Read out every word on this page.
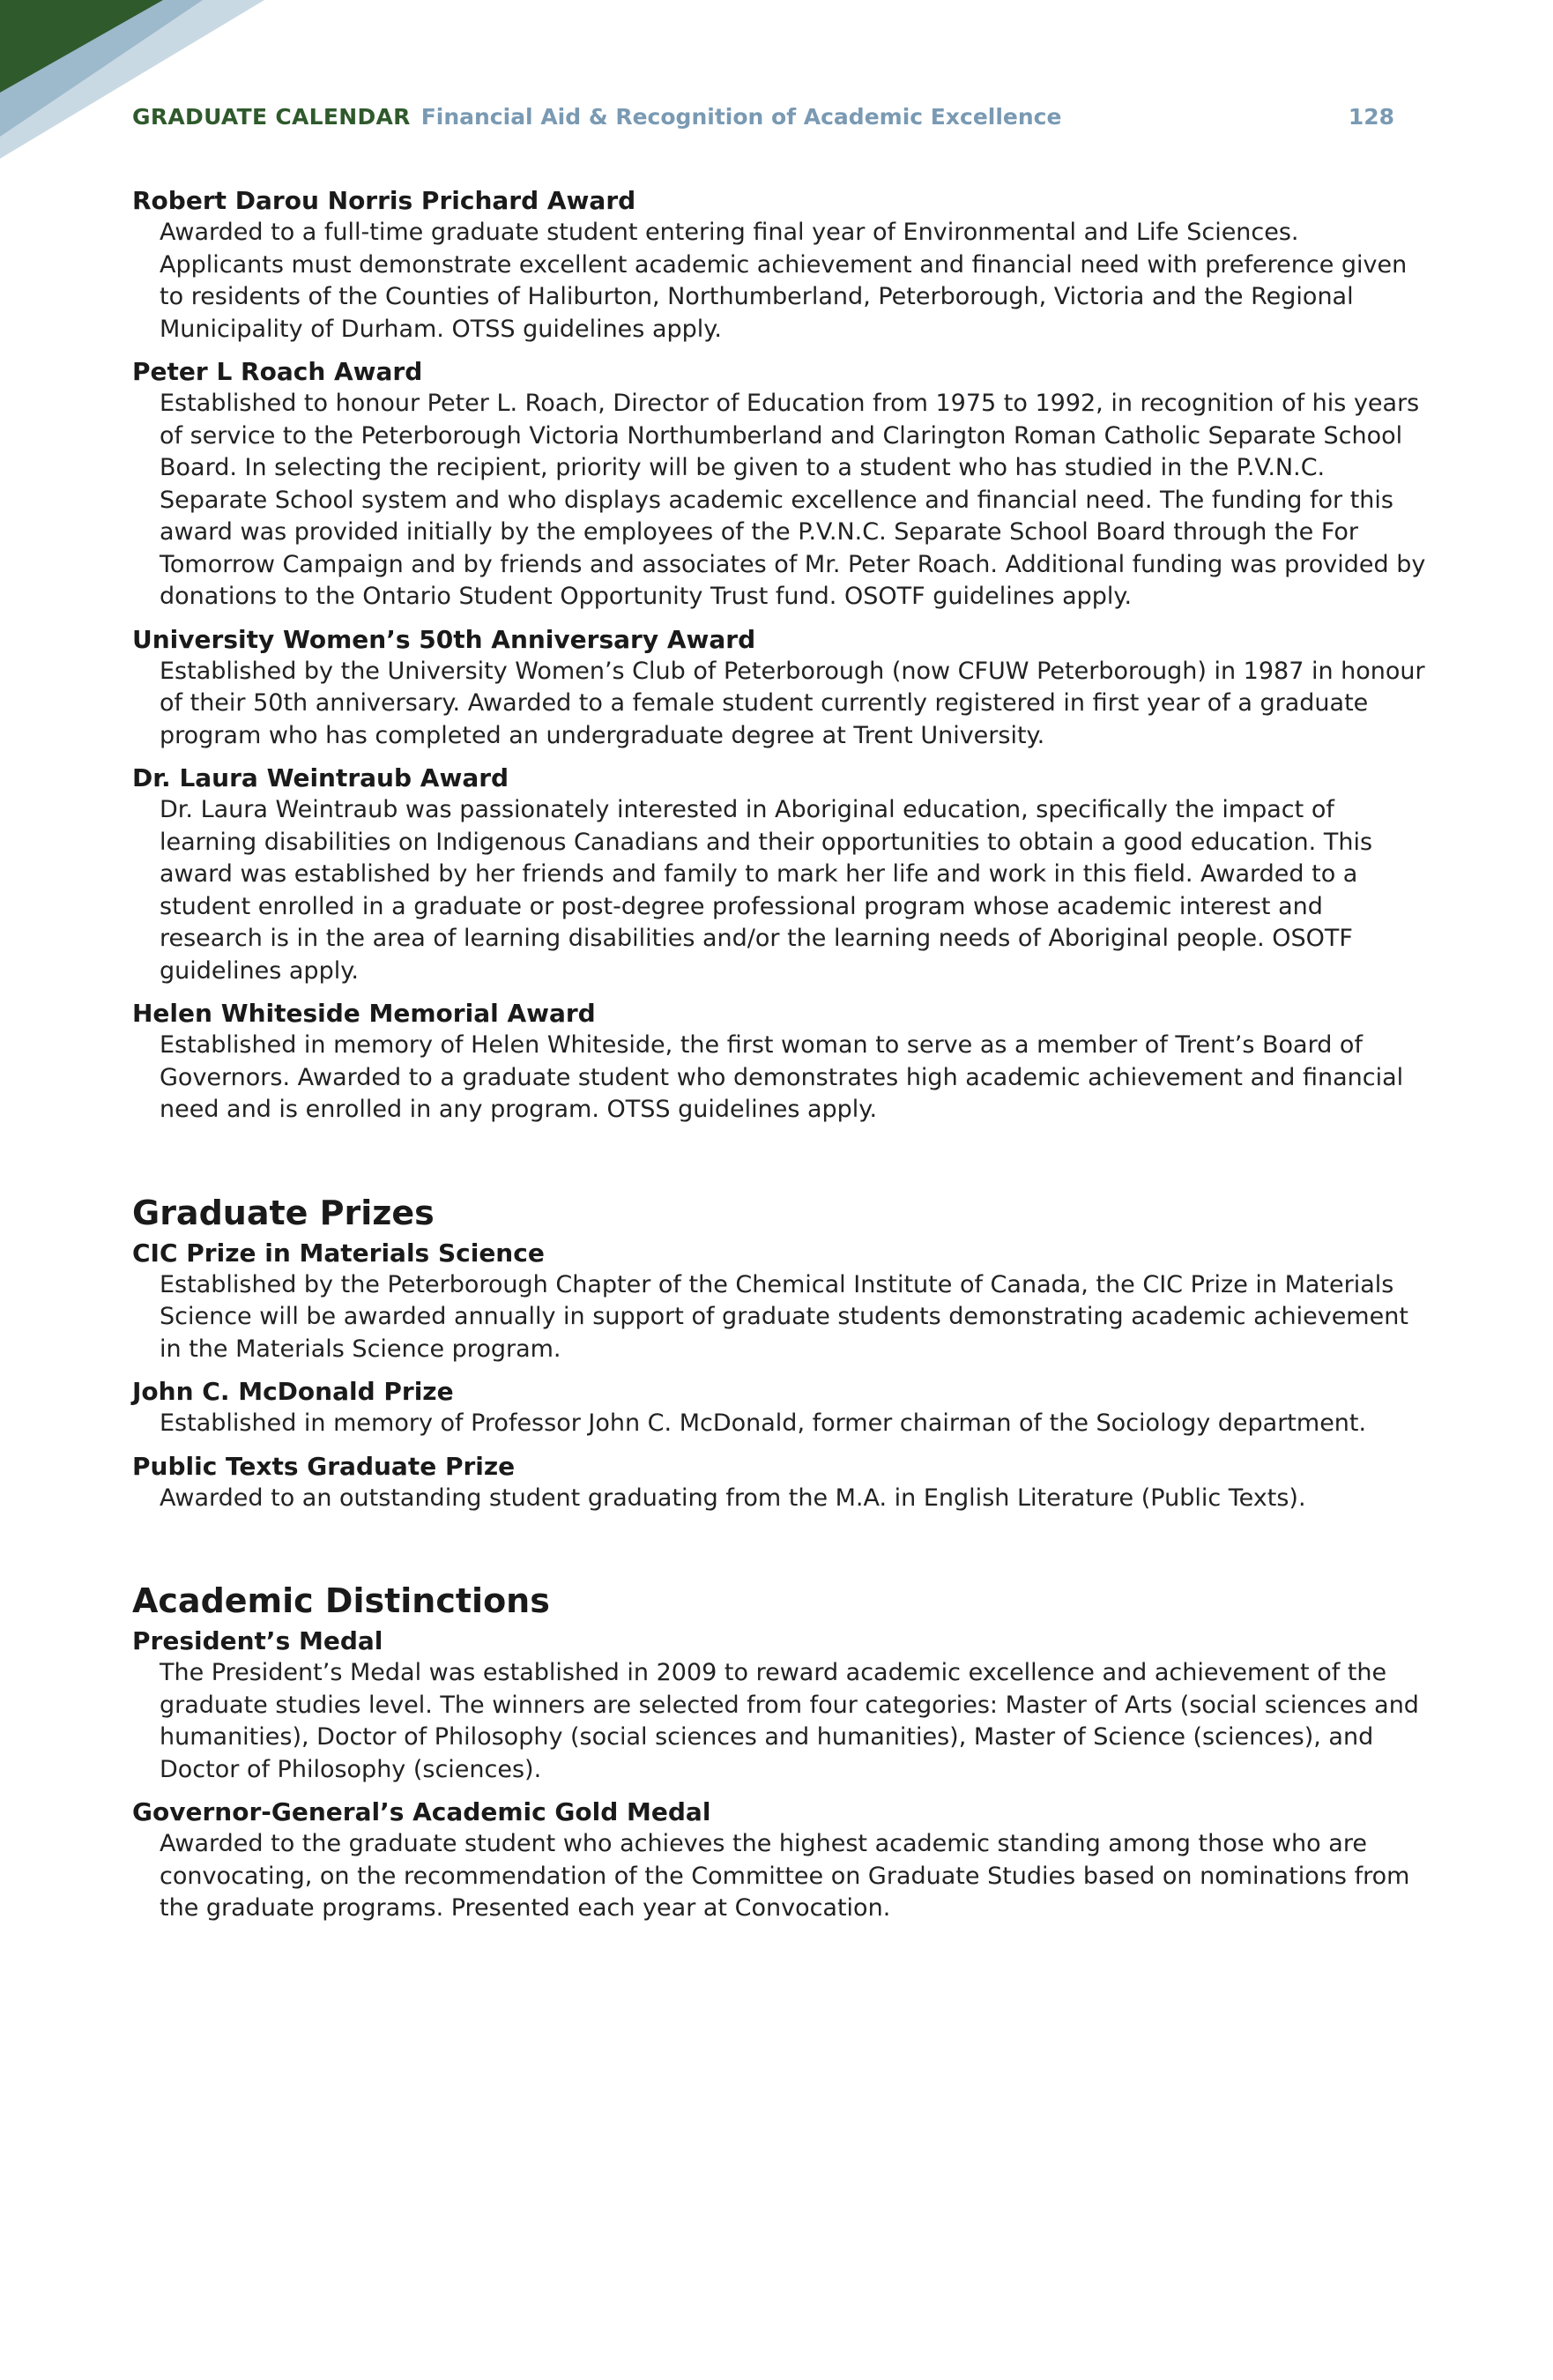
GRADUATE CALENDAR Financial Aid & Recognition of Academic Excellence	128
Robert Darou Norris Prichard Award
Awarded to a full-time graduate student entering final year of Environmental and Life Sciences. Applicants must demonstrate excellent academic achievement and financial need with preference given to residents of the Counties of Haliburton, Northumberland, Peterborough, Victoria and the Regional Municipality of Durham. OTSS guidelines apply.
Peter L Roach Award
Established to honour Peter L. Roach, Director of Education from 1975 to 1992, in recognition of his years of service to the Peterborough Victoria Northumberland and Clarington Roman Catholic Separate School Board. In selecting the recipient, priority will be given to a student who has studied in the P.V.N.C. Separate School system and who displays academic excellence and financial need. The funding for this award was provided initially by the employees of the P.V.N.C. Separate School Board through the For Tomorrow Campaign and by friends and associates of Mr. Peter Roach. Additional funding was provided by donations to the Ontario Student Opportunity Trust fund. OSOTF guidelines apply.
University Women’s 50th Anniversary Award
Established by the University Women’s Club of Peterborough (now CFUW Peterborough) in 1987 in honour of their 50th anniversary. Awarded to a female student currently registered in first year of a graduate program who has completed an undergraduate degree at Trent University.
Dr. Laura Weintraub Award
Dr. Laura Weintraub was passionately interested in Aboriginal education, specifically the impact of learning disabilities on Indigenous Canadians and their opportunities to obtain a good education. This award was established by her friends and family to mark her life and work in this field. Awarded to a student enrolled in a graduate or post-degree professional program whose academic interest and research is in the area of learning disabilities and/or the learning needs of Aboriginal people. OSOTF guidelines apply.
Helen Whiteside Memorial Award
Established in memory of Helen Whiteside, the first woman to serve as a member of Trent’s Board of Governors. Awarded to a graduate student who demonstrates high academic achievement and financial need and is enrolled in any program. OTSS guidelines apply.
Graduate Prizes
CIC Prize in Materials Science
Established by the Peterborough Chapter of the Chemical Institute of Canada, the CIC Prize in Materials Science will be awarded annually in support of graduate students demonstrating academic achievement in the Materials Science program.
John C. McDonald Prize
Established in memory of Professor John C. McDonald, former chairman of the Sociology department.
Public Texts Graduate Prize
Awarded to an outstanding student graduating from the M.A. in English Literature (Public Texts).
Academic Distinctions
President’s Medal
The President’s Medal was established in 2009 to reward academic excellence and achievement of the graduate studies level. The winners are selected from four categories: Master of Arts (social sciences and humanities), Doctor of Philosophy (social sciences and humanities), Master of Science (sciences), and Doctor of Philosophy (sciences).
Governor-General’s Academic Gold Medal
Awarded to the graduate student who achieves the highest academic standing among those who are convocating, on the recommendation of the Committee on Graduate Studies based on nominations from the graduate programs. Presented each year at Convocation.
